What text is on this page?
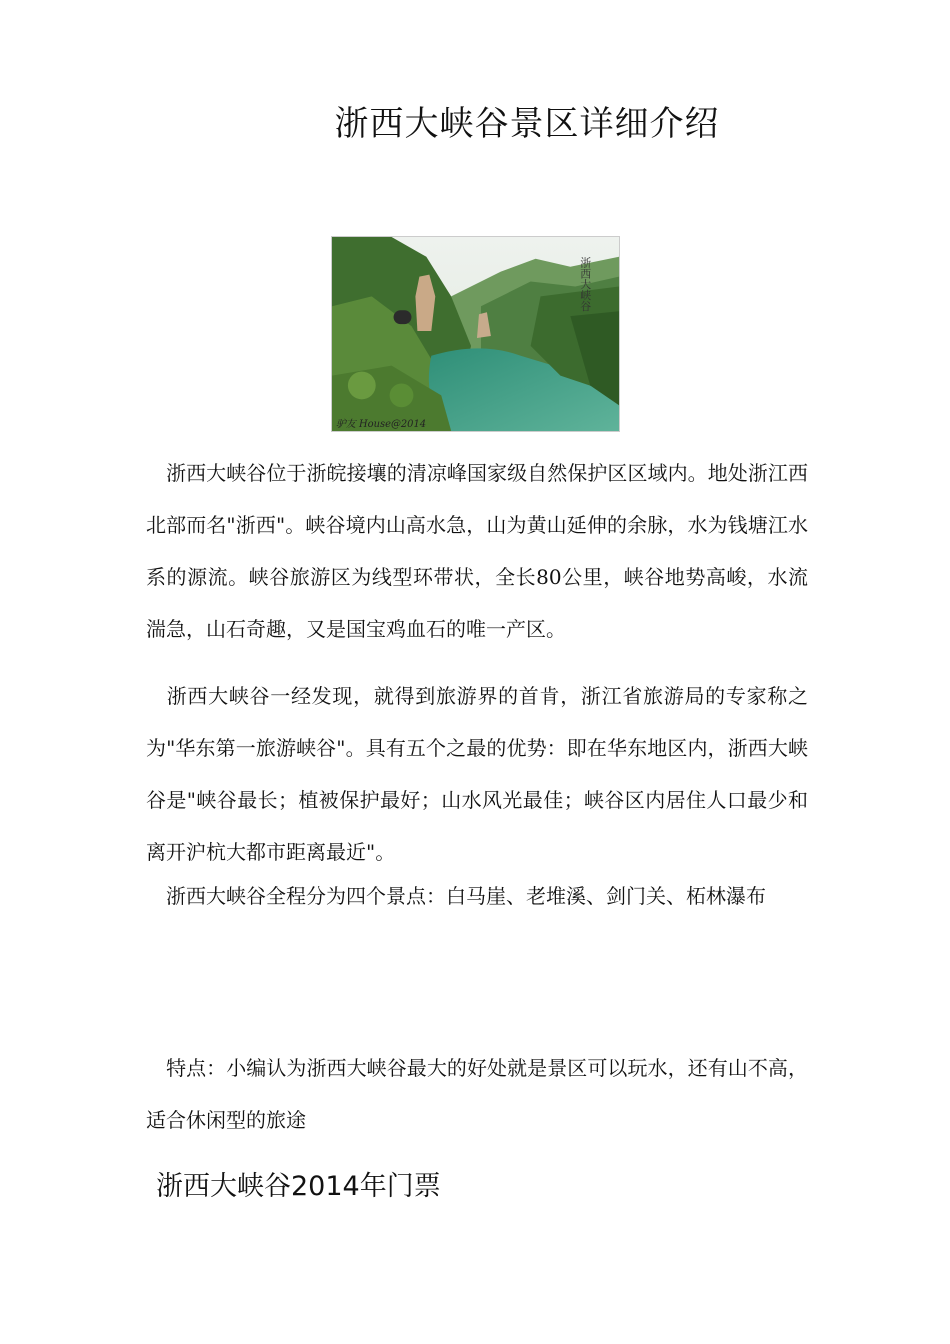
浙西大峡谷景区详细介绍
浙西大峡谷
驴友 House@2014

　浙西大峡谷位于浙皖接壤的清凉峰国家级自然保护区区域内。地处浙江西北部而名"浙西"。峡谷境内山高水急，山为黄山延伸的余脉，水为钱塘江水系的源流。峡谷旅游区为线型环带状，全长80公里，峡谷地势高峻，水流湍急，山石奇趣，又是国宝鸡血石的唯一产区。

　浙西大峡谷一经发现，就得到旅游界的首肯，浙江省旅游局的专家称之为"华东第一旅游峡谷"。具有五个之最的优势：即在华东地区内，浙西大峡谷是"峡谷最长；植被保护最好；山水风光最佳；峡谷区内居住人口最少和离开沪杭大都市距离最近"。

　浙西大峡谷全程分为四个景点：白马崖、老堆溪、剑门关、柘林瀑布

　特点：小编认为浙西大峡谷最大的好处就是景区可以玩水，还有山不高，适合休闲型的旅途

浙西大峡谷2014年门票
